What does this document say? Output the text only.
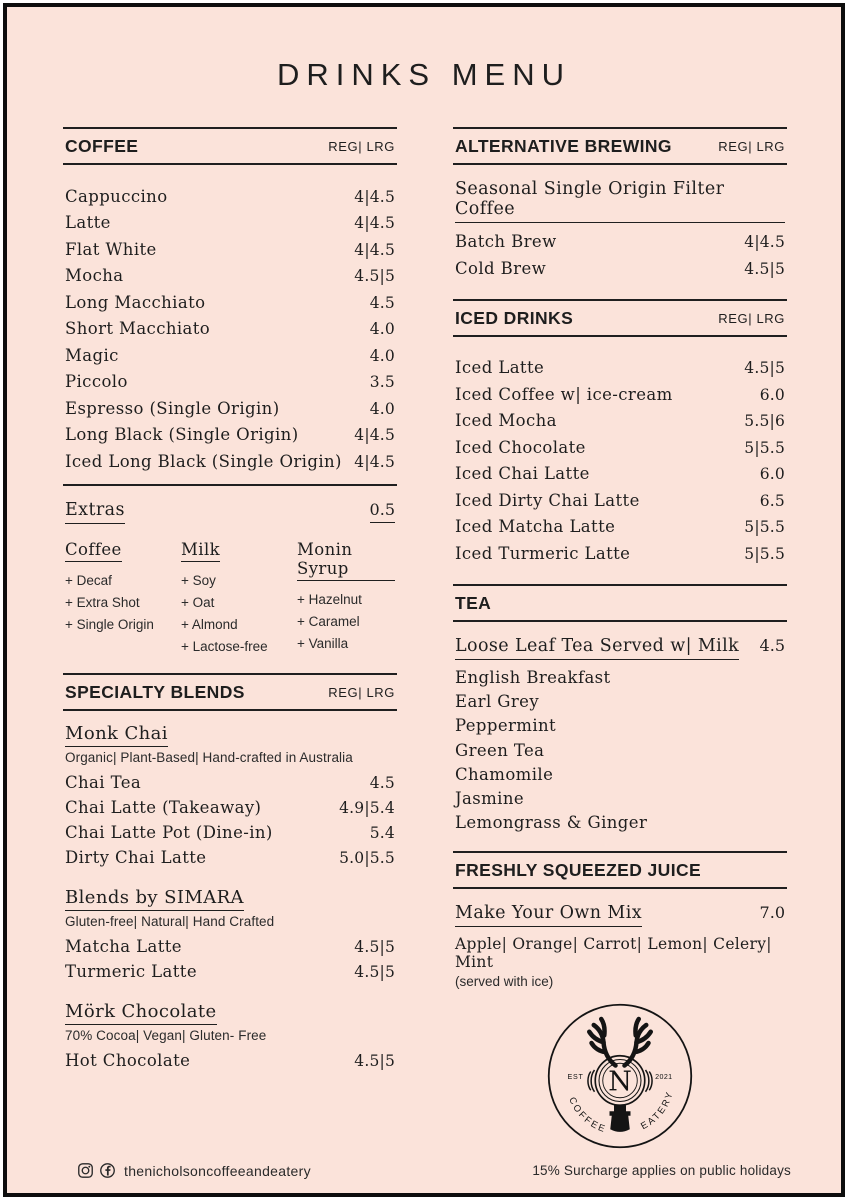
DRINKS MENU
COFFEE	REG| LRG
Cappuccino	4|4.5
Latte	4|4.5
Flat White	4|4.5
Mocha	4.5|5
Long Macchiato	4.5
Short Macchiato	4.0
Magic	4.0
Piccolo	3.5
Espresso (Single Origin)	4.0
Long Black (Single Origin)	4|4.5
Iced Long Black (Single Origin) 4|4.5
Extras	0.5
Coffee
+ Decaf
+ Extra Shot
+ Single Origin
Milk
+ Soy
+ Oat
+ Almond
+ Lactose-free
Monin Syrup
+ Hazelnut
+ Caramel
+ Vanilla
SPECIALTY BLENDS	REG| LRG
Monk Chai
Organic| Plant-Based| Hand-crafted in Australia
Chai Tea	4.5
Chai Latte (Takeaway)	4.9|5.4
Chai Latte Pot (Dine-in)	5.4
Dirty Chai Latte	5.0|5.5
Blends by SIMARA
Gluten-free| Natural| Hand Crafted
Matcha Latte	4.5|5
Turmeric Latte	4.5|5
Mörk Chocolate
70% Cocoa| Vegan| Gluten- Free
Hot Chocolate	4.5|5
ALTERNATIVE BREWING	REG| LRG
Seasonal Single Origin Filter Coffee
Batch Brew	4|4.5
Cold Brew	4.5|5
ICED DRINKS	REG| LRG
Iced Latte	4.5|5
Iced Coffee w| ice-cream	6.0
Iced Mocha	5.5|6
Iced Chocolate	5|5.5
Iced Chai Latte	6.0
Iced Dirty Chai Latte	6.5
Iced Matcha Latte	5|5.5
Iced Turmeric Latte	5|5.5
TEA
Loose Leaf Tea Served w| Milk 4.5
English Breakfast
Earl Grey
Peppermint
Green Tea
Chamomile
Jasmine
Lemongrass & Ginger
FRESHLY SQUEEZED JUICE
Make Your Own Mix	7.0
Apple| Orange| Carrot| Lemon| Celery| Mint
(served with ice)
N
EST	2021
COFFEE EATERY
thenicholsoncoffeeandeatery	15% Surcharge applies on public holidays
